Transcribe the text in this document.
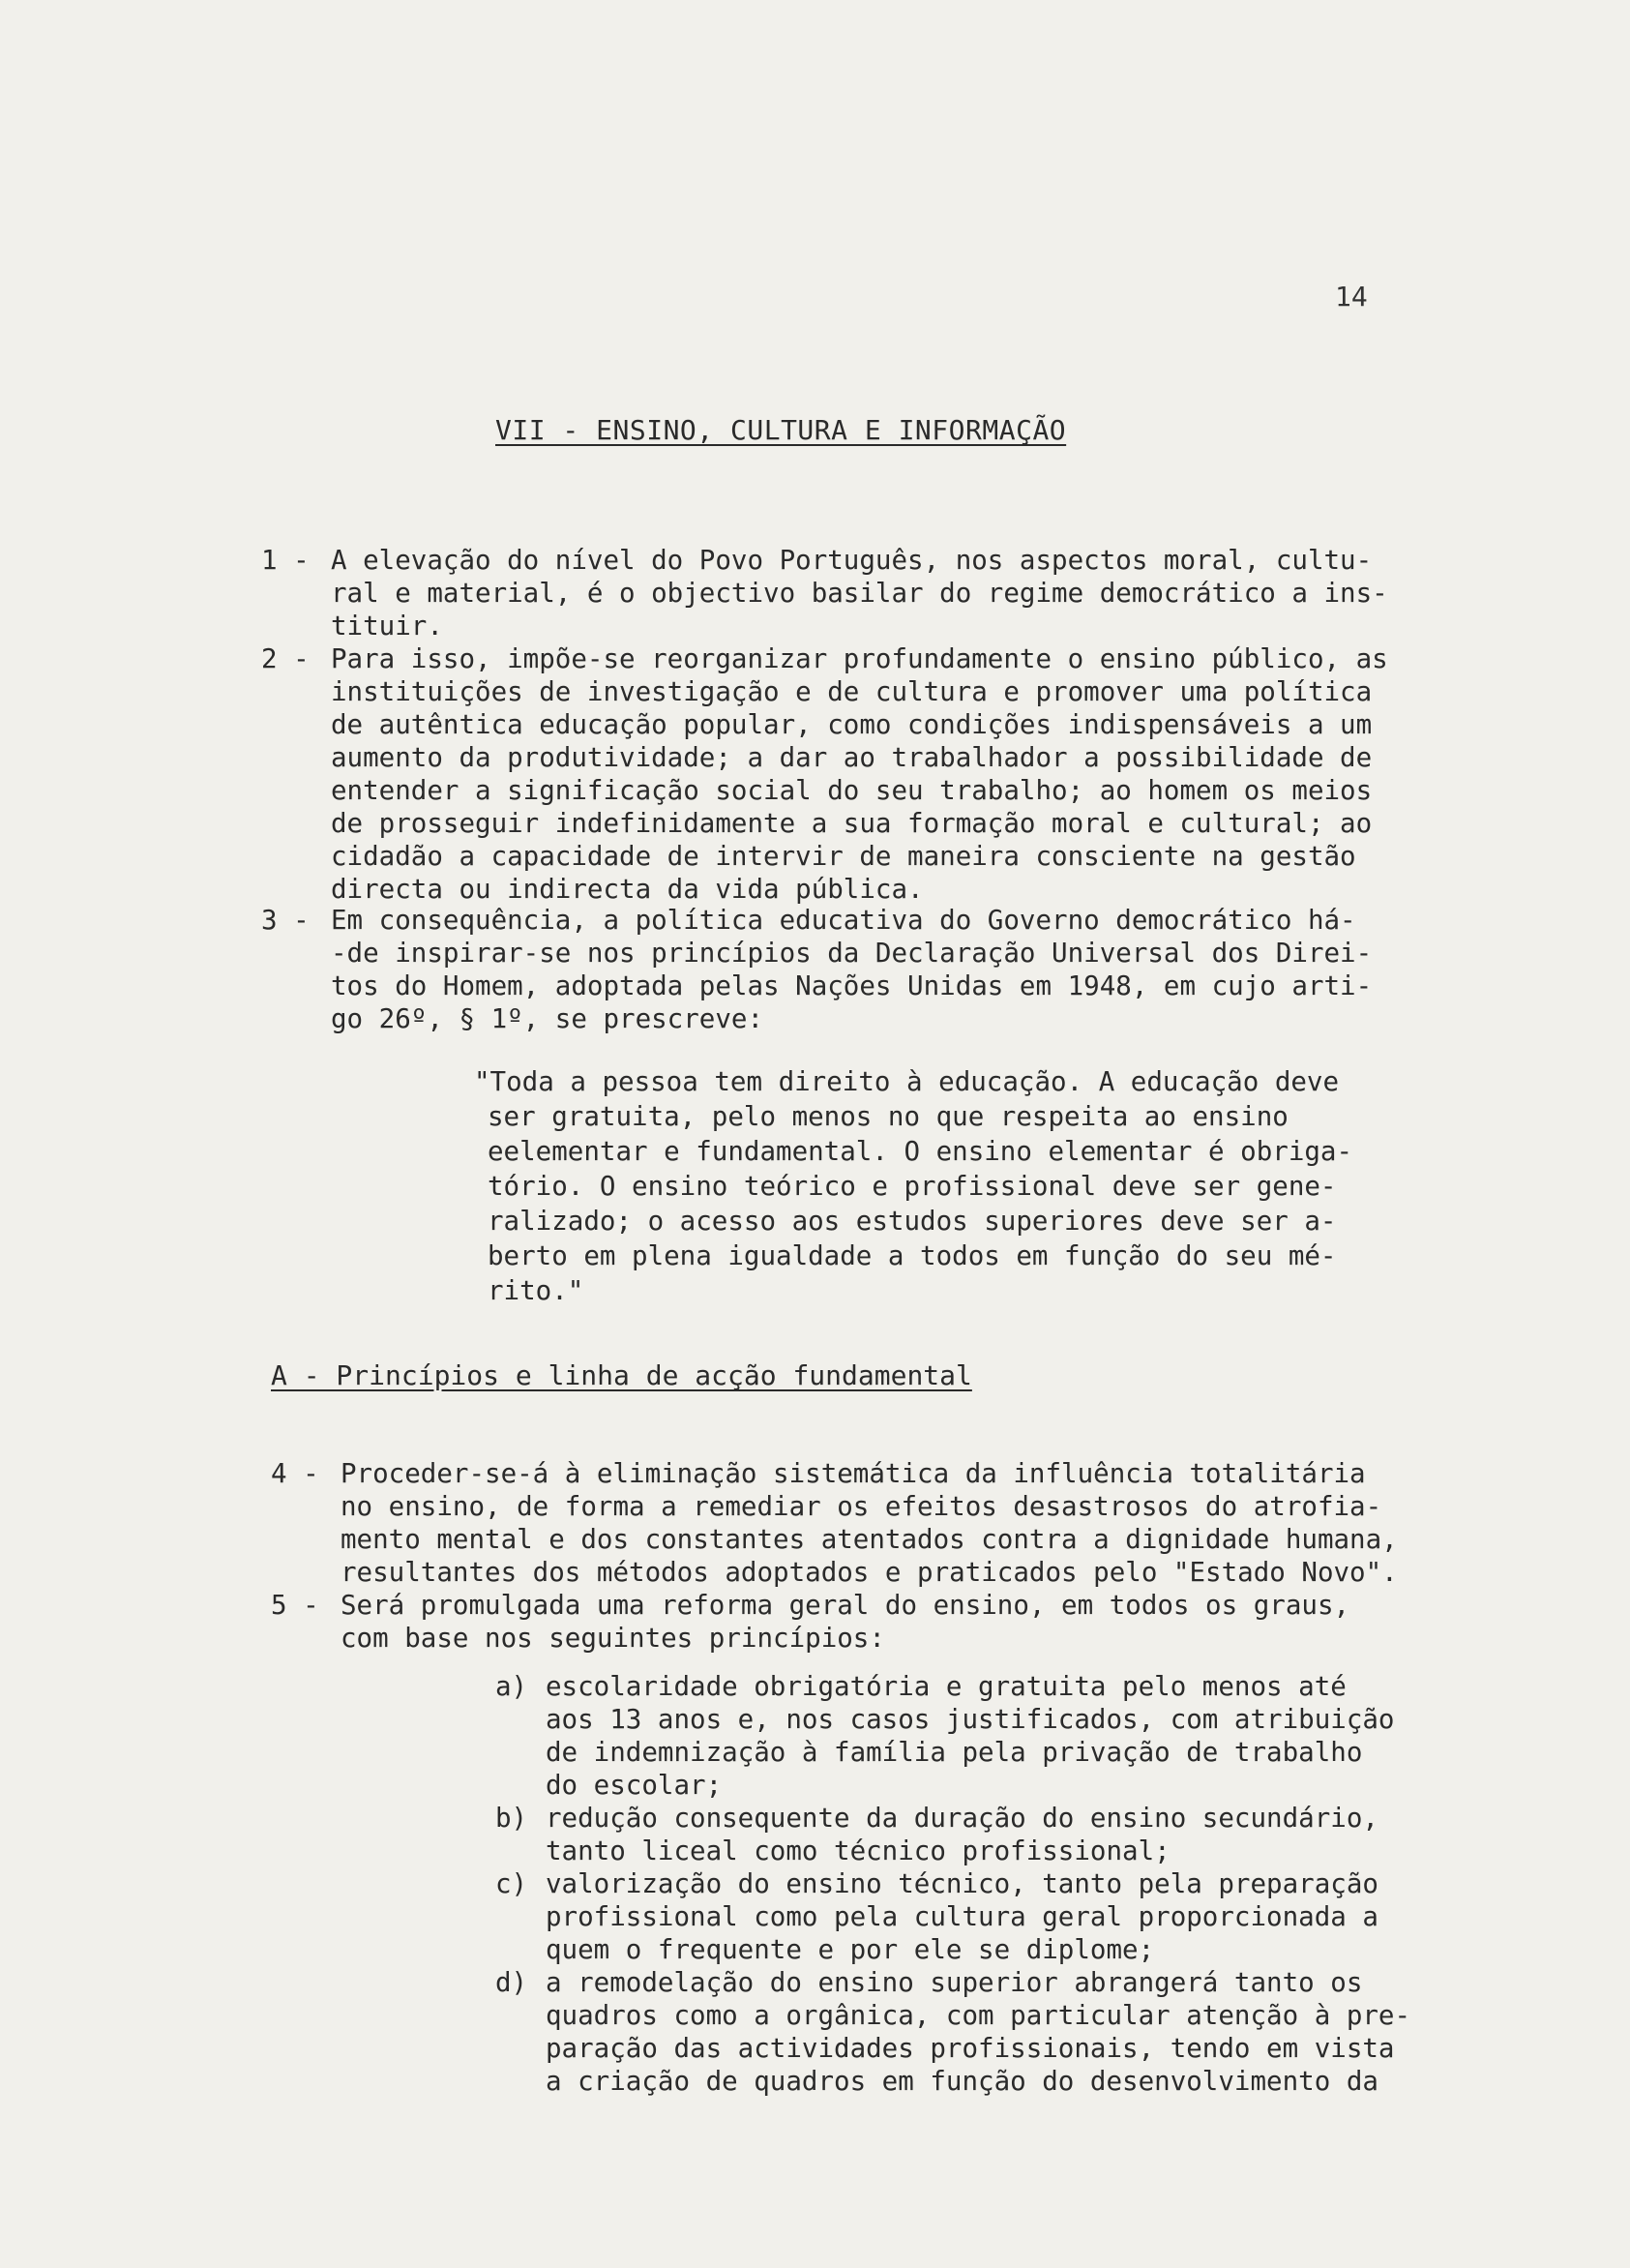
14
VII - ENSINO, CULTURA E INFORMAÇÃO
1 - A elevação do nível do Povo Português, nos aspectos moral, cultu-
ral e material, é o objectivo basilar do regime democrático a ins-
tituir.
2 - Para isso, impõe-se reorganizar profundamente o ensino público, as
instituições de investigação e de cultura e promover uma política
de autêntica educação popular, como condições indispensáveis a um
aumento da produtividade; a dar ao trabalhador a possibilidade de
entender a significação social do seu trabalho; ao homem os meios
de prosseguir indefinidamente a sua formação moral e cultural; ao
cidadão a capacidade de intervir de maneira consciente na gestão
directa ou indirecta da vida pública.
3 - Em consequência, a política educativa do Governo democrático há-
-de inspirar-se nos princípios da Declaração Universal dos Direi-
tos do Homem, adoptada pelas Nações Unidas em 1948, em cujo arti-
go 26º, § 1º, se prescreve:
"Toda a pessoa tem direito à educação. A educação deve
ser gratuita, pelo menos no que respeita ao ensino
eelementar e fundamental. O ensino elementar é obriga-
tório. O ensino teórico e profissional deve ser gene-
ralizado; o acesso aos estudos superiores deve ser a-
berto em plena igualdade a todos em função do seu mé-
rito."
A - Princípios e linha de acção fundamental
4 - Proceder-se-á à eliminação sistemática da influência totalitária
no ensino, de forma a remediar os efeitos desastrosos do atrofia-
mento mental e dos constantes atentados contra a dignidade humana,
resultantes dos métodos adoptados e praticados pelo "Estado Novo".
5 - Será promulgada uma reforma geral do ensino, em todos os graus,
com base nos seguintes princípios:
a) escolaridade obrigatória e gratuita pelo menos até
aos 13 anos e, nos casos justificados, com atribuição
de indemnização à família pela privação de trabalho
do escolar;
b) redução consequente da duração do ensino secundário,
tanto liceal como técnico profissional;
c) valorização do ensino técnico, tanto pela preparação
profissional como pela cultura geral proporcionada a
quem o frequente e por ele se diplome;
d) a remodelação do ensino superior abrangerá tanto os
quadros como a orgânica, com particular atenção à pre-
paração das actividades profissionais, tendo em vista
a criação de quadros em função do desenvolvimento da
